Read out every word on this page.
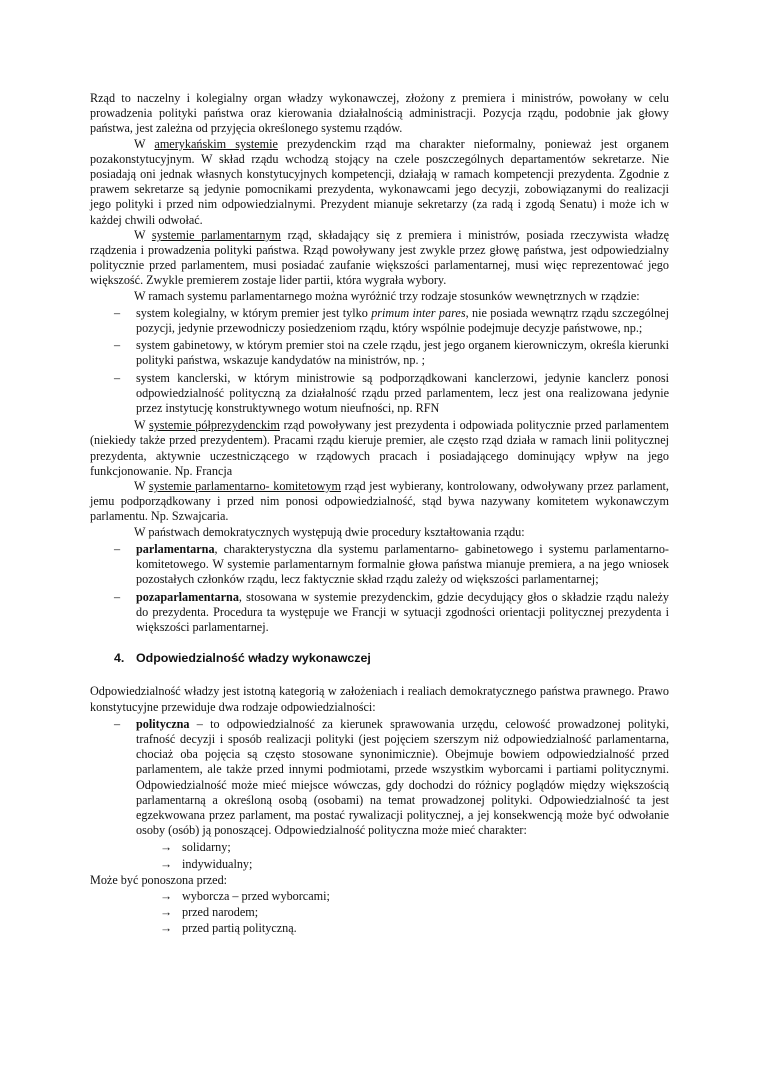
Rząd to naczelny i kolegialny organ władzy wykonawczej, złożony z premiera i ministrów, powołany w celu prowadzenia polityki państwa oraz kierowania działalnością administracji. Pozycja rządu, podobnie jak głowy państwa, jest zależna od przyjęcia określonego systemu rządów.

W amerykańskim systemie prezydenckim rząd ma charakter nieformalny, ponieważ jest organem pozakonstytucyjnym. W skład rządu wchodzą stojący na czele poszczególnych departamentów sekretarze. Nie posiadają oni jednak własnych konstytucyjnych kompetencji, działają w ramach kompetencji prezydenta. Zgodnie z prawem sekretarze są jedynie pomocnikami prezydenta, wykonawcami jego decyzji, zobowiązanymi do realizacji jego polityki i przed nim odpowiedzialnymi. Prezydent mianuje sekretarzy (za radą i zgodą Senatu) i może ich w każdej chwili odwołać.

W systemie parlamentarnym rząd, składający się z premiera i ministrów, posiada rzeczywista władzę rządzenia i prowadzenia polityki państwa. Rząd powoływany jest zwykle przez głowę państwa, jest odpowiedzialny politycznie przed parlamentem, musi posiadać zaufanie większości parlamentarnej, musi więc reprezentować jego większość. Zwykle premierem zostaje lider partii, która wygrała wybory.

W ramach systemu parlamentarnego można wyróżnić trzy rodzaje stosunków wewnętrznych w rządzie:

– system kolegialny, w którym premier jest tylko primum inter pares, nie posiada wewnątrz rządu szczególnej pozycji, jedynie przewodniczy posiedzeniom rządu, który wspólnie podejmuje decyzje państwowe, np.;
– system gabinetowy, w którym premier stoi na czele rządu, jest jego organem kierowniczym, określa kierunki polityki państwa, wskazuje kandydatów na ministrów, np. ;
– system kanclerski, w którym ministrowie są podporządkowani kanclerzowi, jedynie kanclerz ponosi odpowiedzialność polityczną za działalność rządu przed parlamentem, lecz jest ona realizowana jedynie przez instytucję konstruktywnego wotum nieufności, np. RFN

W systemie półprezydenckim rząd powoływany jest prezydenta i odpowiada politycznie przed parlamentem (niekiedy także przed prezydentem). Pracami rządu kieruje premier, ale często rząd działa w ramach linii politycznej prezydenta, aktywnie uczestniczącego w rządowych pracach i posiadającego dominujący wpływ na jego funkcjonowanie. Np. Francja

W systemie parlamentarno- komitetowym rząd jest wybierany, kontrolowany, odwoływany przez parlament, jemu podporządkowany i przed nim ponosi odpowiedzialność, stąd bywa nazywany komitetem wykonawczym parlamentu. Np. Szwajcaria.

W państwach demokratycznych występują dwie procedury kształtowania rządu:

– parlamentarna, charakterystyczna dla systemu parlamentarno- gabinetowego i systemu parlamentarno- komitetowego. W systemie parlamentarnym formalnie głowa państwa mianuje premiera, a na jego wniosek pozostałych członków rządu, lecz faktycznie skład rządu zależy od większości parlamentarnej;
– pozaparlamentarna, stosowana w systemie prezydenckim, gdzie decydujący głos o składzie rządu należy do prezydenta. Procedura ta występuje we Francji w sytuacji zgodności orientacji politycznej prezydenta i większości parlamentarnej.
4. Odpowiedzialność władzy wykonawczej

Odpowiedzialność władzy jest istotną kategorią w założeniach i realiach demokratycznego państwa prawnego. Prawo konstytucyjne przewiduje dwa rodzaje odpowiedzialności:

– polityczna – to odpowiedzialność za kierunek sprawowania urzędu, celowość prowadzonej polityki, trafność decyzji i sposób realizacji polityki (jest pojęciem szerszym niż odpowiedzialność parlamentarna, chociaż oba pojęcia są często stosowane synonimicznie). Obejmuje bowiem odpowiedzialność przed parlamentem, ale także przed innymi podmiotami, przede wszystkim wyborcami i partiami politycznymi. Odpowiedzialność może mieć miejsce wówczas, gdy dochodzi do różnicy poglądów między większością parlamentarną a określoną osobą (osobami) na temat prowadzonej polityki. Odpowiedzialność ta jest egzekwowana przez parlament, ma postać rywalizacji politycznej, a jej konsekwencją może być odwołanie osoby (osób) ją ponoszącej. Odpowiedzialność polityczna może mieć charakter:
→ solidarny;
→ indywidualny;

Może być ponoszona przed:

→ wyborcza – przed wyborcami;
→ przed narodem;
→ przed partią polityczną.
